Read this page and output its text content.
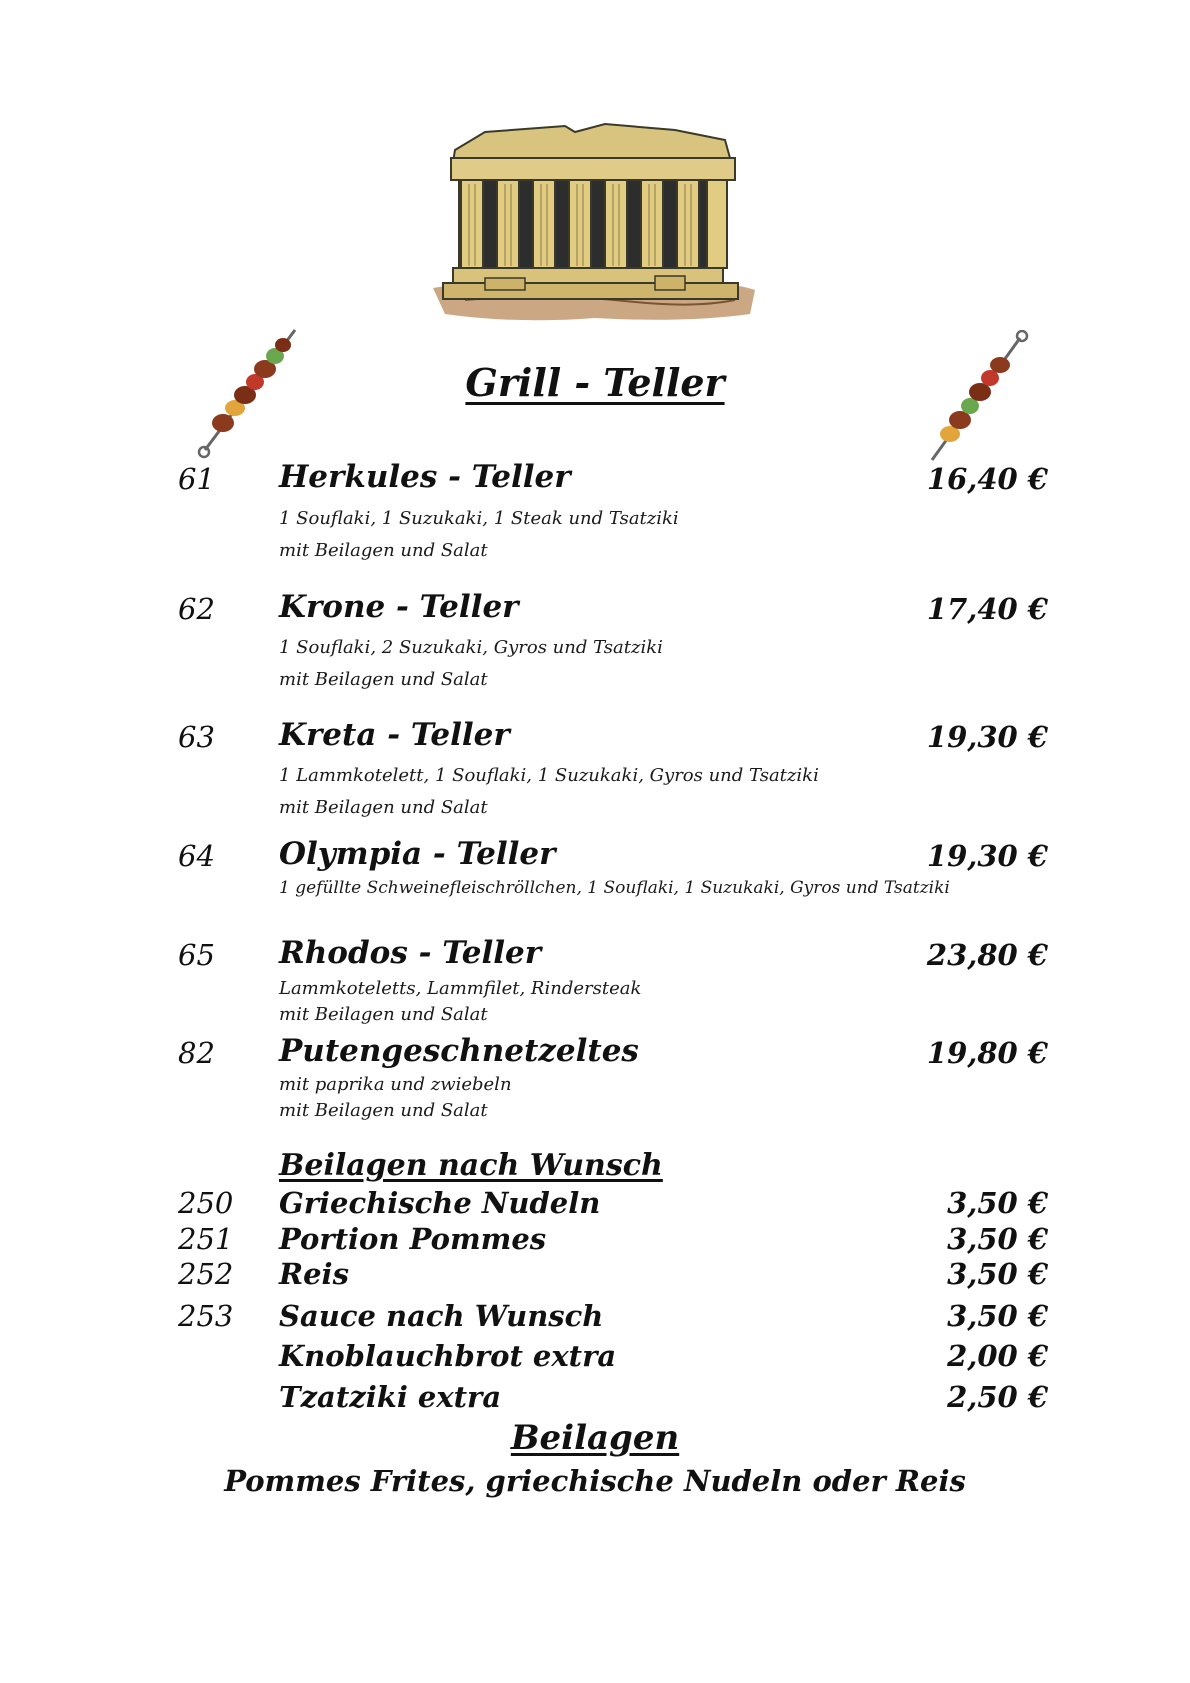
Grill - Teller
61 Herkules - Teller	16,40 €
1 Souflaki, 1 Suzukaki, 1 Steak und Tsatziki
mit Beilagen und Salat
62 Krone - Teller	17,40 €
1 Souflaki, 2 Suzukaki, Gyros und Tsatziki
mit Beilagen und Salat
63 Kreta - Teller	19,30 €
1 Lammkotelett, 1 Souflaki, 1 Suzukaki, Gyros und Tsatziki
mit Beilagen und Salat
64 Olympia - Teller	19,30 €
1 gefüllte Schweinefleischröllchen, 1 Souflaki, 1 Suzukaki, Gyros und Tsatziki
65 Rhodos - Teller	23,80 €
Lammkoteletts, Lammfilet, Rindersteak
mit Beilagen und Salat
82 Putengeschnetzeltes	19,80 €
mit paprika und zwiebeln
mit Beilagen und Salat
Beilagen nach Wunsch
250 Griechische Nudeln	3,50 €
251 Portion Pommes	3,50 €
252 Reis	3,50 €
253 Sauce nach Wunsch	3,50 €
Knoblauchbrot extra	2,00 €
Tzatziki extra	2,50 €
Beilagen
Pommes Frites, griechische Nudeln oder Reis
